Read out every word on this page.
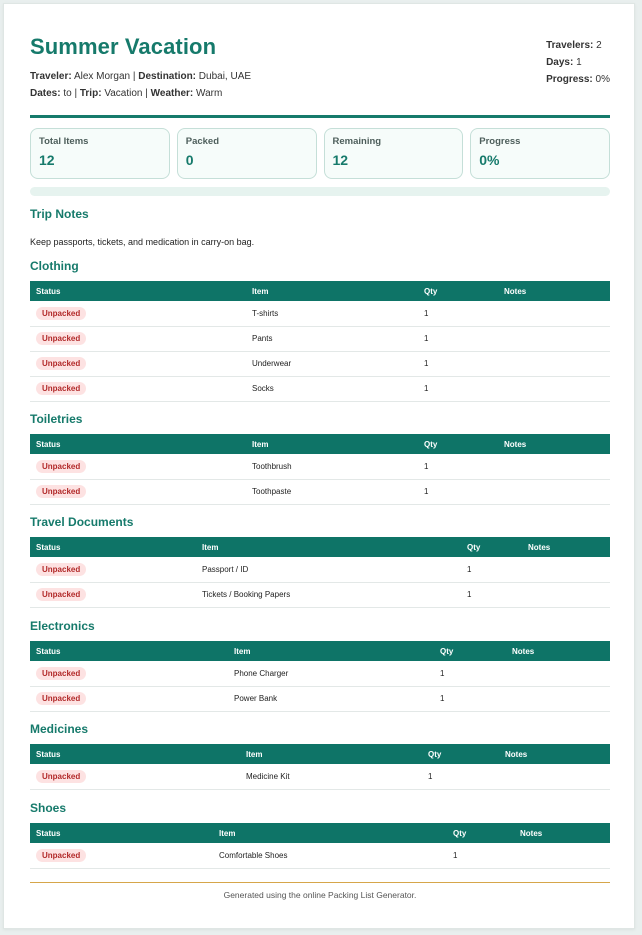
Summer Vacation
Traveler: Alex Morgan | Destination: Dubai, UAE
Dates: to | Trip: Vacation | Weather: Warm
Travelers: 2
Days: 1
Progress: 0%
Total Items
12
Packed
0
Remaining
12
Progress
0%
Trip Notes
Keep passports, tickets, and medication in carry-on bag.
Clothing
Status	Item	Qty	Notes
Unpacked	T-shirts	1	
Unpacked	Pants	1	
Unpacked	Underwear	1	
Unpacked	Socks	1	
Toiletries
Status	Item	Qty	Notes
Unpacked	Toothbrush	1	
Unpacked	Toothpaste	1	
Travel Documents
Status	Item	Qty	Notes
Unpacked	Passport / ID	1	
Unpacked	Tickets / Booking Papers	1	
Electronics
Status	Item	Qty	Notes
Unpacked	Phone Charger	1	
Unpacked	Power Bank	1	
Medicines
Status	Item	Qty	Notes
Unpacked	Medicine Kit	1	
Shoes
Status	Item	Qty	Notes
Unpacked	Comfortable Shoes	1	
Generated using the online Packing List Generator.
